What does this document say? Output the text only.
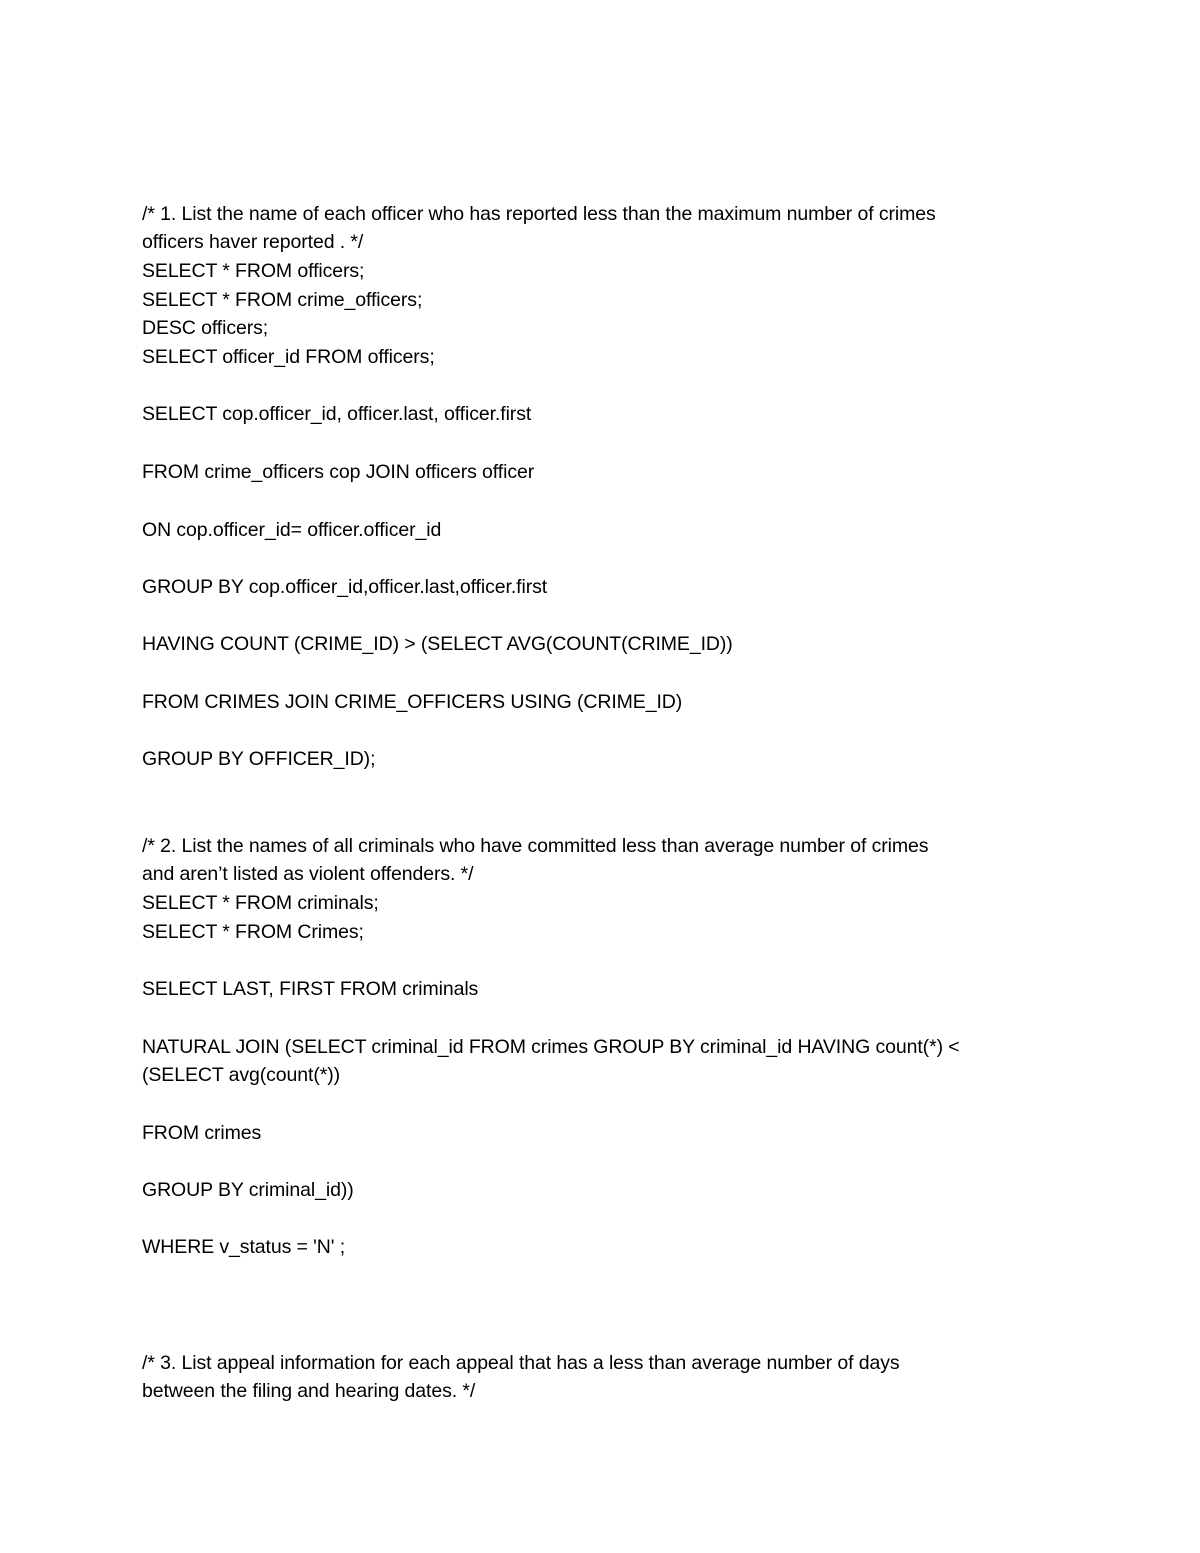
/* 1. List the name of each officer who has reported less than the maximum number of crimes

officers haver reported . */

SELECT * FROM officers;

SELECT * FROM crime_officers;

DESC officers;

SELECT officer_id FROM officers;

SELECT cop.officer_id, officer.last, officer.first

FROM crime_officers cop JOIN officers officer

ON cop.officer_id= officer.officer_id

GROUP BY cop.officer_id,officer.last,officer.first

HAVING COUNT (CRIME_ID) > (SELECT AVG(COUNT(CRIME_ID))

FROM CRIMES JOIN CRIME_OFFICERS USING (CRIME_ID)

GROUP BY OFFICER_ID);

/* 2. List the names of all criminals who have committed less than average number of crimes

and aren’t listed as violent offenders. */

SELECT * FROM criminals;

SELECT * FROM Crimes;

SELECT LAST, FIRST FROM criminals

NATURAL JOIN (SELECT criminal_id FROM crimes GROUP BY criminal_id HAVING count(*) <

(SELECT avg(count(*))

FROM crimes

GROUP BY criminal_id))

WHERE v_status = 'N' ;

/* 3. List appeal information for each appeal that has a less than average number of days

between the filing and hearing dates. */
